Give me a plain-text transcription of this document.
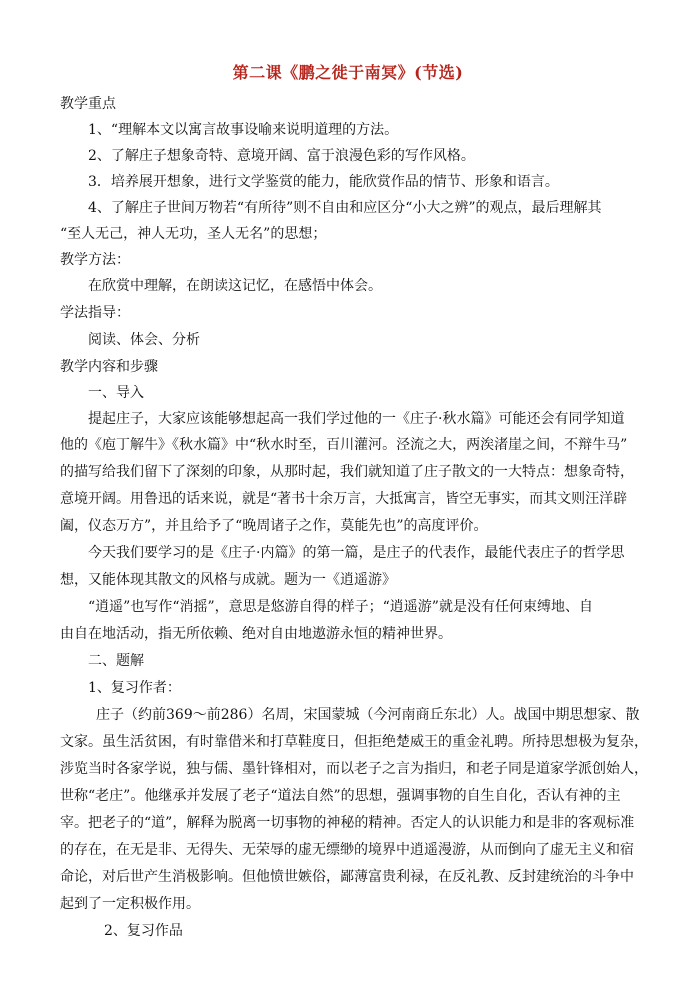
第二课《鹏之徙于南冥》(节选)
教学重点
1、“理解本文以寓言故事设喻来说明道理的方法。
2、了解庄子想象奇特、意境开阔、富于浪漫色彩的写作风格。
3．培养展开想象，进行文学鉴赏的能力，能欣赏作品的情节、形象和语言。
4、了解庄子世间万物若“有所待”则不自由和应区分“小大之辨”的观点，最后理解其
“至人无己，神人无功，圣人无名”的思想；
教学方法：
在欣赏中理解，在朗读这记忆，在感悟中体会。
学法指导：
阅读、体会、分析
教学内容和步骤
一、导入
提起庄子，大家应该能够想起高一我们学过他的一《庄子·秋水篇》可能还会有同学知道
他的《庖丁解牛》《秋水篇》中“秋水时至，百川灌河。泾流之大，两涘渚崖之间，不辩牛马”
的描写给我们留下了深刻的印象，从那时起，我们就知道了庄子散文的一大特点：想象奇特，
意境开阔。用鲁迅的话来说，就是“著书十余万言，大抵寓言，皆空无事实，而其文则汪洋辟
阖，仪态万方”，并且给予了“晚周诸子之作，莫能先也”的高度评价。
今天我们要学习的是《庄子·内篇》的第一篇，是庄子的代表作，最能代表庄子的哲学思
想，又能体现其散文的风格与成就。题为一《逍遥游》
“逍遥”也写作“消摇”，意思是悠游自得的样子；“逍遥游”就是没有任何束缚地、自
由自在地活动，指无所依赖、绝对自由地遨游永恒的精神世界。
二、题解
1、复习作者：
庄子（约前369～前286）名周，宋国蒙城（今河南商丘东北）人。战国中期思想家、散
文家。虽生活贫困，有时靠借米和打草鞋度日，但拒绝楚威王的重金礼聘。所持思想极为复杂，
涉览当时各家学说，独与儒、墨针锋相对，而以老子之言为指归，和老子同是道家学派创始人，
世称“老庄”。他继承并发展了老子“道法自然”的思想，强调事物的自生自化，否认有神的主
宰。把老子的“道”，解释为脱离一切事物的神秘的精神。否定人的认识能力和是非的客观标准
的存在，在无是非、无得失、无荣辱的虚无缥缈的境界中逍遥漫游，从而倒向了虚无主义和宿
命论，对后世产生消极影响。但他愤世嫉俗，鄙薄富贵利禄，在反礼教、反封建统治的斗争中
起到了一定积极作用。
2、复习作品
